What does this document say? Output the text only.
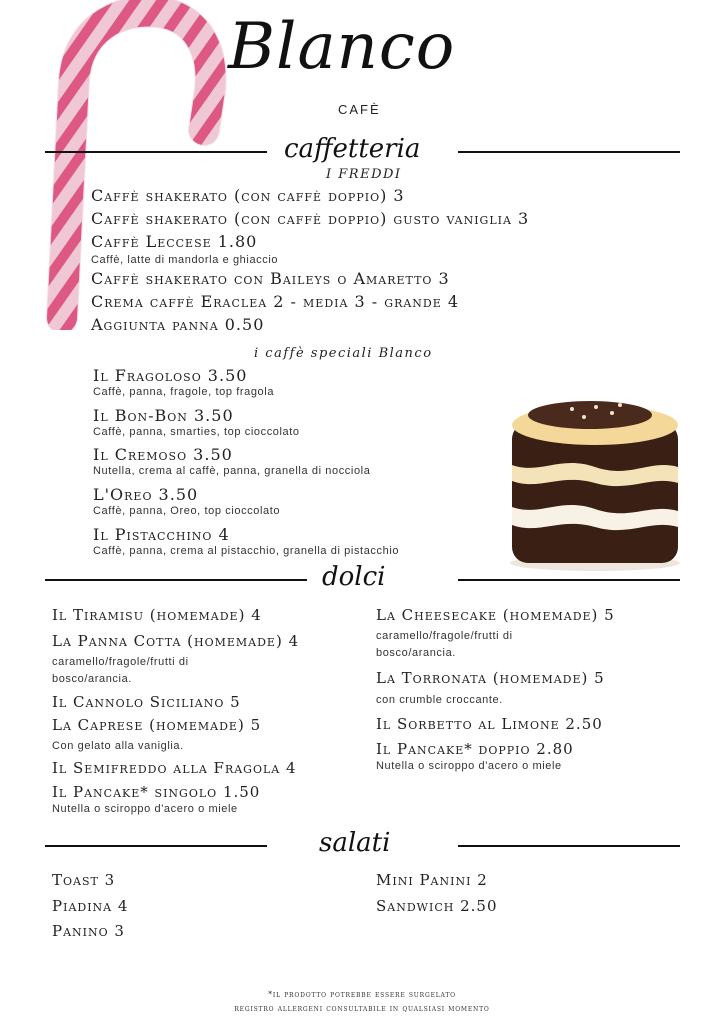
Blanco
CAFÈ
caffetteria
I FREDDI
Caffè shakerato (con caffè doppio) 3
Caffè shakerato (con caffè doppio) gusto vaniglia 3
Caffè Leccese 1.80
Caffè, latte di mandorla e ghiaccio
Caffè shakerato con Baileys o Amaretto 3
Crema caffè Eraclea 2 - media 3 - grande 4
Aggiunta panna 0.50
i caffè speciali Blanco
Il Fragoloso 3.50
Caffè, panna, fragole, top fragola
Il Bon-Bon 3.50
Caffè, panna, smarties, top cioccolato
Il Cremoso 3.50
Nutella, crema al caffè, panna, granella di nocciola
L'Oreo 3.50
Caffè, panna, Oreo, top cioccolato
Il Pistacchino 4
Caffè, panna, crema al pistacchio, granella di pistacchio
dolci
Il Tiramisu (homemade) 4
La Panna Cotta (homemade) 4
caramello/fragole/frutti di bosco/arancia.
Il Cannolo Siciliano 5
La Caprese (homemade) 5
Con gelato alla vaniglia.
Il Semifreddo alla Fragola 4
Il Pancake* singolo 1.50
Nutella o sciroppo d'acero o miele
La Cheesecake (homemade) 5
caramello/fragole/frutti di bosco/arancia.
La Torronata (homemade) 5
con crumble croccante.
Il Sorbetto al Limone 2.50
Il Pancake* doppio 2.80
Nutella o sciroppo d'acero o miele
salati
Toast 3
Piadina 4
Panino 3
Mini Panini 2
Sandwich 2.50
*il prodotto potrebbe essere surgelato
registro allergeni consultabile in qualsiasi momento
